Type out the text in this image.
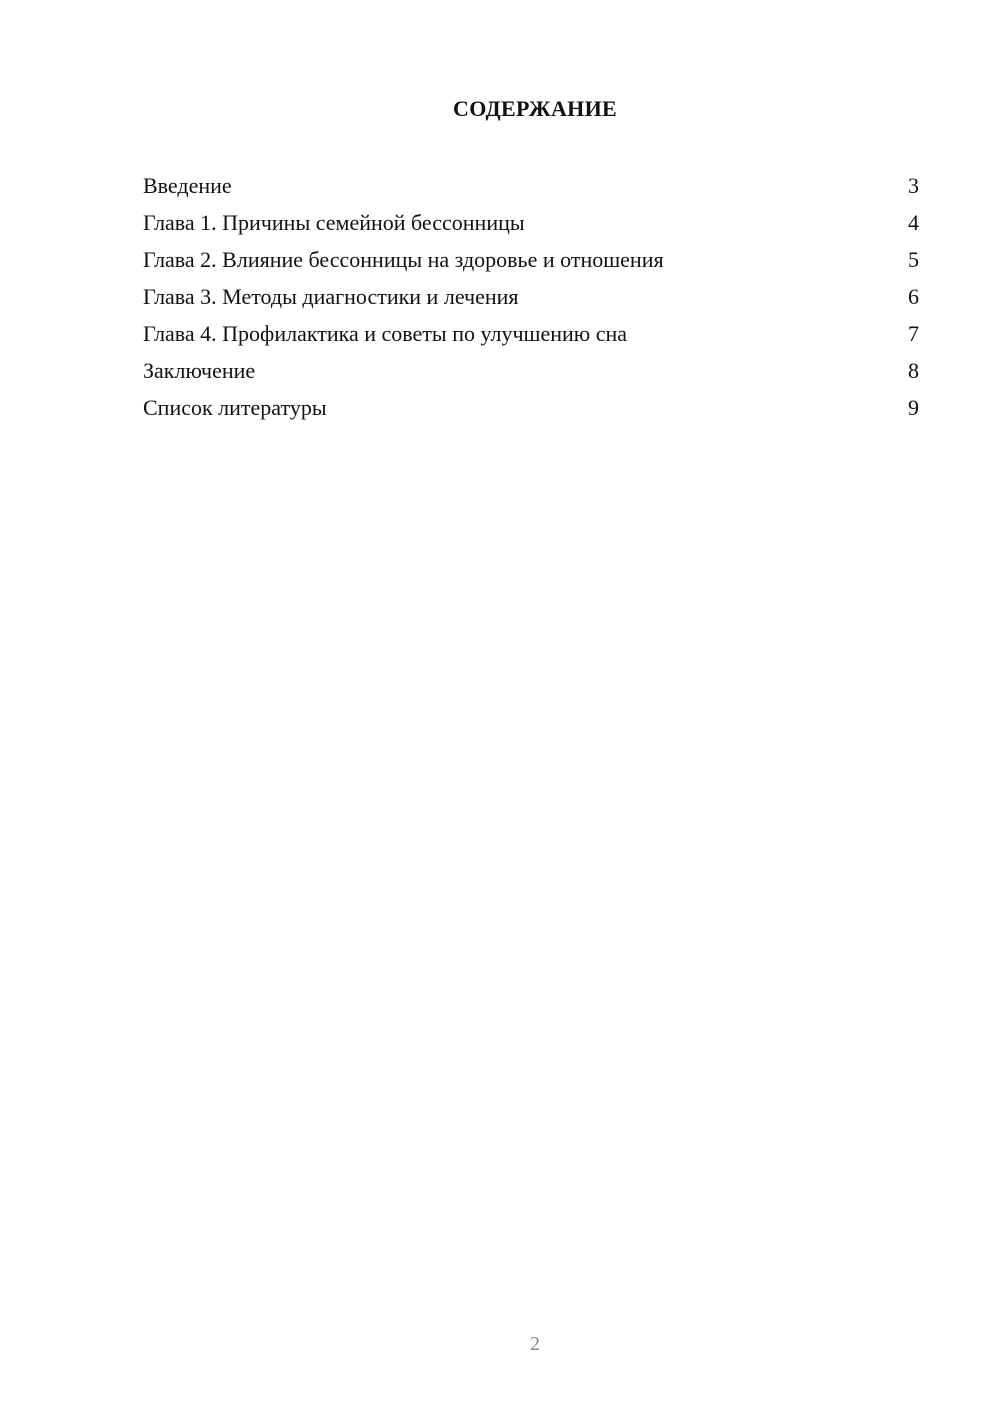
СОДЕРЖАНИЕ
Введение	3
Глава 1. Причины семейной бессонницы	4
Глава 2. Влияние бессонницы на здоровье и отношения	5
Глава 3. Методы диагностики и лечения	6
Глава 4. Профилактика и советы по улучшению сна	7
Заключение	8
Список литературы	9
2
